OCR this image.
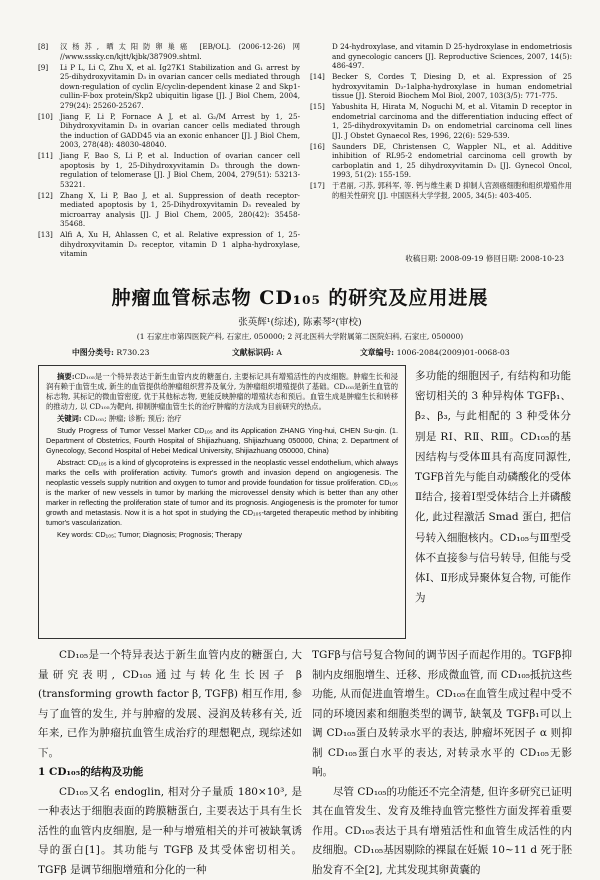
[8]	汉杨苏, 晒太阳防卵巢癌 [EB/OL]. (2006-12-26) 网 //www.sssky.cn/kjtt/kjbk/387909.shtml.
[9]	Li P L, Li C, Zhu X, et al. Ig27K1 Stabilization and G₁ arrest by 25-dihydroxyvitamin D₃ in ovarian cancer cells mediated through down-regulation of cyclin E/cyclin-dependent kinase 2 and Skp1-cullin-F-box protein/Skp2 ubiquitin ligase [J]. J Biol Chem, 2004, 279(24): 25260-25267.
[10]	Jiang F, Li P, Fornace A J, et al. G₂/M Arrest by 1, 25-Dihydroxyvitamin D₃ in ovarian cancer cells mediated through the induction of GADD45 via an exonic enhancer [J]. J Biol Chem, 2003, 278(48): 48030-48040.
[11]	Jiang F, Bao S, Li P, et al. Induction of ovarian cancer cell apoptosis by 1, 25-Dihydroxyvitamin D₃ through the down-regulation of telomerase [J]. J Biol Chem, 2004, 279(51): 53213-53221.
[12]	Zhang X, Li P, Bao J, et al. Suppression of death receptor-mediated apoptosis by 1, 25-Dihydroxyvitamin D₃ revealed by microarray analysis [J]. J Biol Chem, 2005, 280(42): 35458-35468.
[13]	Alfi A, Xu H, Ahlassen C, et al. Relative expression of 1, 25-dihydroxyvitamin D₃ receptor, vitamin D 1 alpha-hydroxylase, vitamin
D 24-hydroxylase, and vitamin D 25-hydroxylase in endometriosis and gynecologic cancers [J]. Reproductive Sciences, 2007, 14(5): 486-497.
[14]	Becker S, Cordes T, Diesing D, et al. Expression of 25 hydroxyvitamin D₃-1alpha-hydroxylase in human endometrial tissue [J]. Steroid Biochem Mol Biol, 2007, 103(3/5): 771-775.
[15]	Yabushita H, Hirata M, Noguchi M, et al. Vitamin D receptor in endometrial carcinoma and the differentiation inducing effect of 1, 25-dihydroxyvitamin D₃ on endometrial carcinoma cell lines [J]. J Obstet Gynaecol Res, 1996, 22(6): 529-539.
[16]	Saunders DE, Christensen C, Wappler NL, et al. Additive inhibition of RL95-2 endometrial carcinoma cell growth by carboplatin and 1, 25 dihydroxyvitamin D₃ [J]. Gynecol Oncol, 1993, 51(2): 155-159.
[17]	于君丽, 刁苏, 郭科军, 等. 钙与维生素 D 抑制人宫颈癌细胞和组织增殖作用的相关性研究 [J]. 中国医科大学学报, 2005, 34(5): 403-405.
收稿日期: 2008-09-19 修回日期: 2008-10-23
肿瘤血管标志物 CD₁₀₅ 的研究及应用进展
张英辉¹(综述), 陈素琴²(审校)
(1 石家庄市第四医院产科, 石家庄, 050000; 2 河北医科大学附属第二医院妇科, 石家庄, 050000)
中图分类号: R730.23	文献标识码: A	文章编号: 1006-2084(2009)01-0068-03

摘要:CD₁₀₅是一个特异表达于新生血管内皮的糖蛋白, 主要标记具有增殖活性的内皮细胞。肿瘤生长和浸润有赖于血管生成, 新生的血管提供给肿瘤组织营养及氧分, 为肿瘤组织增殖提供了基础。CD₁₀₅是新生血管的标志物, 其标记的微血管密度, 优于其他标志物, 更能反映肿瘤的增殖状态和预后。血管生成是肿瘤生长和转移的推动力, 以 CD₁₀₅为靶向, 抑制肿瘤血管生长的治疗肿瘤的方法成为目前研究的热点。

关键词: CD₁₀₅; 肿瘤; 诊断; 预后; 治疗

Study Progress of Tumor Vessel Marker CD₁₀₅ and its Application ZHANG Ying-hui, CHEN Su-qin. (1. Department of Obstetrics, Fourth Hospital of Shijiazhuang, Shijiazhuang 050000, China; 2. Department of Gynecology, Second Hospital of Hebei Medical University, Shijiazhuang 050000, China)

Abstract: CD₁₀₅ is a kind of glycoproteins is expressed in the neoplastic vessel endothelium, which always marks the cells with proliferation activity. Tumor's growth and invasion depend on angiogenesis. The neoplastic vessels supply nutrition and oxygen to tumor and provide foundation for tissue proliferation. CD₁₀₅ is the marker of new vessels in tumor by marking the microvessel density which is better than any other marker in reflecting the proliferation state of tumor and its prognosis. Angiogenesis is the promoter for tumor growth and metastasis. Now it is a hot spot in studying the CD₁₀₅-targeted therapeutic method by inhibiting tumor's vascularization.

Key words: CD₁₀₅; Tumor; Diagnosis; Prognosis; Therapy

多功能的细胞因子, 有结构和功能密切相关的 3 种异构体 TGFβ₁、β₂、β₃, 与此相配的 3 种受体分别是 RⅠ、RⅡ、RⅢ。CD₁₀₅的基因结构与受体Ⅲ具有高度同源性, TGFβ首先与能自动磷酸化的受体Ⅱ结合, 接着Ⅰ型受体结合上并磷酸化, 此过程激活 Smad 蛋白, 把信号转入细胞核内。CD₁₀₅与Ⅲ型受体不直接参与信号转导, 但能与受体Ⅰ、Ⅱ形成异聚体复合物, 可能作为

CD₁₀₅是一个特异表达于新生血管内皮的糖蛋白, 大量研究表明, CD₁₀₅通过与转化生长因子 β (transforming growth factor β, TGFβ) 相互作用, 参与了血管的发生, 并与肿瘤的发展、浸润及转移有关, 近年来, 已作为肿瘤抗血管生成治疗的理想靶点, 现综述如下。

1 CD₁₀₅的结构及功能

CD₁₀₅又名 endoglin, 相对分子量质 180×10³, 是一种表达于细胞表面的跨膜糖蛋白, 主要表达于具有生长活性的血管内皮细胞, 是一种与增殖相关的并可被缺氧诱导的蛋白[1]。其功能与 TGFβ 及其受体密切相关。TGFβ 是调节细胞增殖和分化的一种

TGFβ与信号复合物间的调节因子而起作用的。TGFβ抑制内皮细胞增生、迁移、形成微血管, 而 CD₁₀₅抵抗这些功能, 从而促进血管增生。CD₁₀₅在血管生成过程中受不同的环境因素和细胞类型的调节, 缺氧及 TGFβ₁可以上调 CD₁₀₅蛋白及转录水平的表达, 肿瘤坏死因子 α 则抑制 CD₁₀₅蛋白水平的表达, 对转录水平的 CD₁₀₅无影响。

尽管 CD₁₀₅的功能还不完全清楚, 但许多研究已证明其在血管发生、发育及维持血管完整性方面发挥着重要作用。CD₁₀₅表达于具有增殖活性和血管生成活性的内皮细胞。CD₁₀₅基因剔除的裸鼠在妊娠 10~11 d 死于胚胎发育不全[2], 尤其发现其卵黄囊的
